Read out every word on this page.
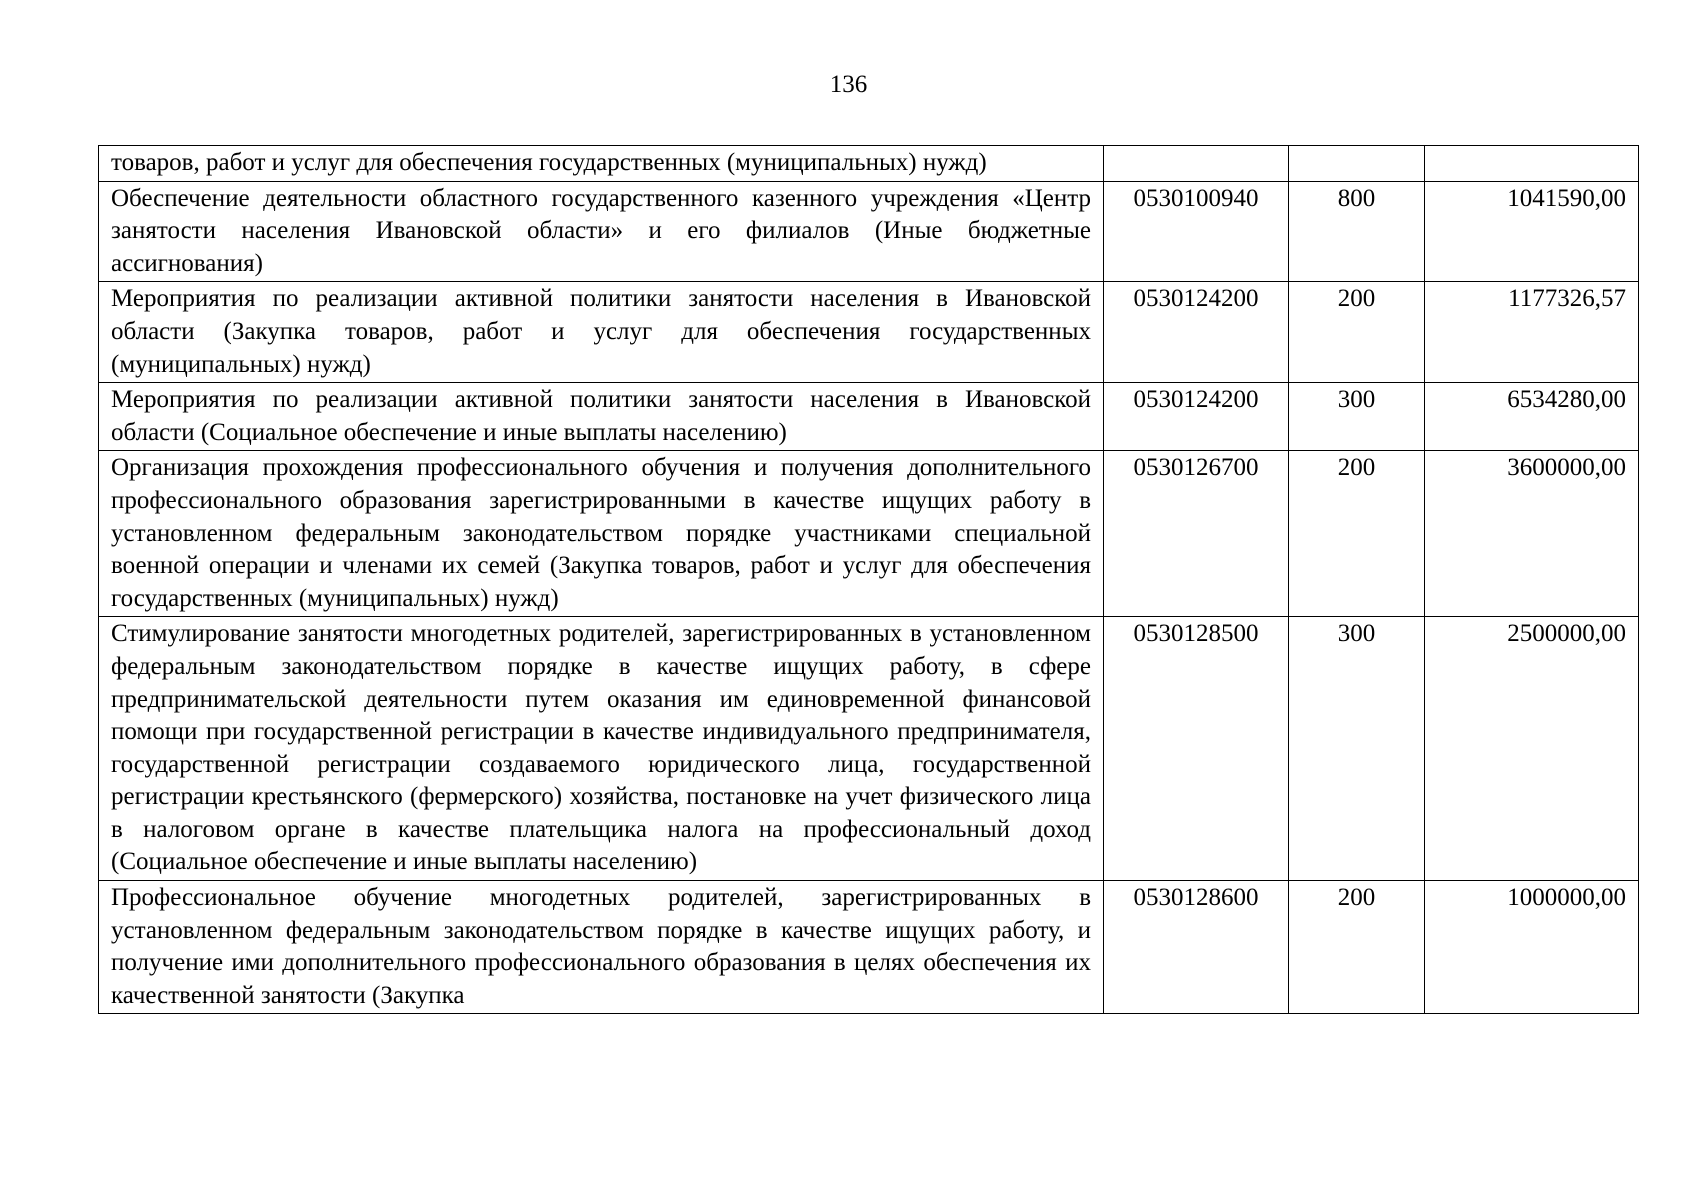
136
товаров, работ и услуг для обеспечения государственных (муниципальных) нужд)			
Обеспечение деятельности областного государственного казенного учреждения «Центр занятости населения Ивановской области» и его филиалов (Иные бюджетные ассигнования)	0530100940	800	1041590,00
Мероприятия по реализации активной политики занятости населения в Ивановской области (Закупка товаров, работ и услуг для обеспечения государственных (муниципальных) нужд)	0530124200	200	1177326,57
Мероприятия по реализации активной политики занятости населения в Ивановской области (Социальное обеспечение и иные выплаты населению)	0530124200	300	6534280,00
Организация прохождения профессионального обучения и получения дополнительного профессионального образования зарегистрированными в качестве ищущих работу в установленном федеральным законодательством порядке участниками специальной военной операции и членами их семей (Закупка товаров, работ и услуг для обеспечения государственных (муниципальных) нужд)	0530126700	200	3600000,00
Стимулирование занятости многодетных родителей, зарегистрированных в установленном федеральным законодательством порядке в качестве ищущих работу, в сфере предпринимательской деятельности путем оказания им единовременной финансовой помощи при государственной регистрации в качестве индивидуального предпринимателя, государственной регистрации создаваемого юридического лица, государственной регистрации крестьянского (фермерского) хозяйства, постановке на учет физического лица в налоговом органе в качестве плательщика налога на профессиональный доход (Социальное обеспечение и иные выплаты населению)	0530128500	300	2500000,00
Профессиональное обучение многодетных родителей, зарегистрированных в установленном федеральным законодательством порядке в качестве ищущих работу, и получение ими дополнительного профессионального образования в целях обеспечения их качественной занятости (Закупка	0530128600	200	1000000,00
